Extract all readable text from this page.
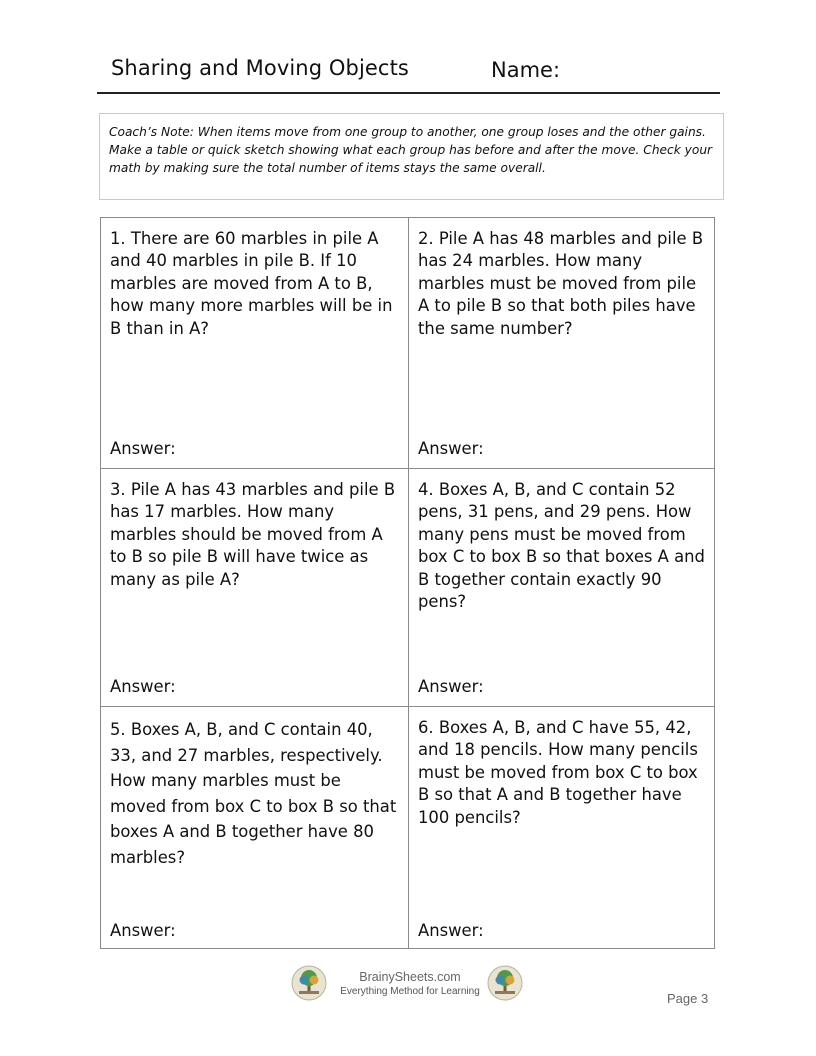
Sharing and Moving Objects	Name:
Coach’s Note: When items move from one group to another, one group loses and the other gains. Make a table or quick sketch showing what each group has before and after the move. Check your math by making sure the total number of items stays the same overall.
1. There are 60 marbles in pile A and 40 marbles in pile B. If 10 marbles are moved from A to B, how many more marbles will be in B than in A?
Answer:
2. Pile A has 48 marbles and pile B has 24 marbles. How many marbles must be moved from pile A to pile B so that both piles have the same number?
Answer:
3. Pile A has 43 marbles and pile B has 17 marbles. How many marbles should be moved from A to B so pile B will have twice as many as pile A?
Answer:
4. Boxes A, B, and C contain 52 pens, 31 pens, and 29 pens. How many pens must be moved from box C to box B so that boxes A and B together contain exactly 90 pens?
Answer:
5. Boxes A, B, and C contain 40, 33, and 27 marbles, respectively. How many marbles must be moved from box C to box B so that boxes A and B together have 80 marbles?
Answer:
6. Boxes A, B, and C have 55, 42, and 18 pencils. How many pencils must be moved from box C to box B so that A and B together have 100 pencils?
Answer:
BrainySheets.com
Everything Method for Learning	Page 3
